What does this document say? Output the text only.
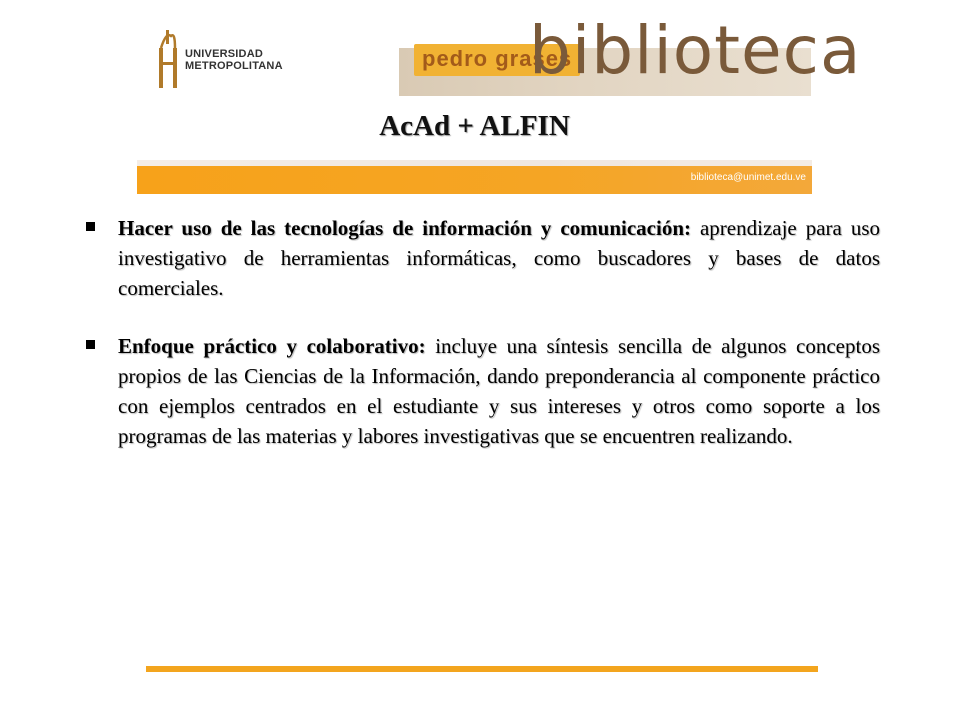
UNIVERSIDAD
METROPOLITANA	pedro grases
biblioteca
AcAd + ALFIN
biblioteca@unimet.edu.ve
Hacer uso de las tecnologías de información y comunicación: aprendizaje para uso investigativo de herramientas informáticas, como buscadores y bases de datos comerciales.
Enfoque práctico y colaborativo: incluye una síntesis sencilla de algunos conceptos propios de las Ciencias de la Información, dando preponderancia al componente práctico con ejemplos centrados en el estudiante y sus intereses y otros como soporte a los programas de las materias y labores investigativas que se encuentren realizando.
